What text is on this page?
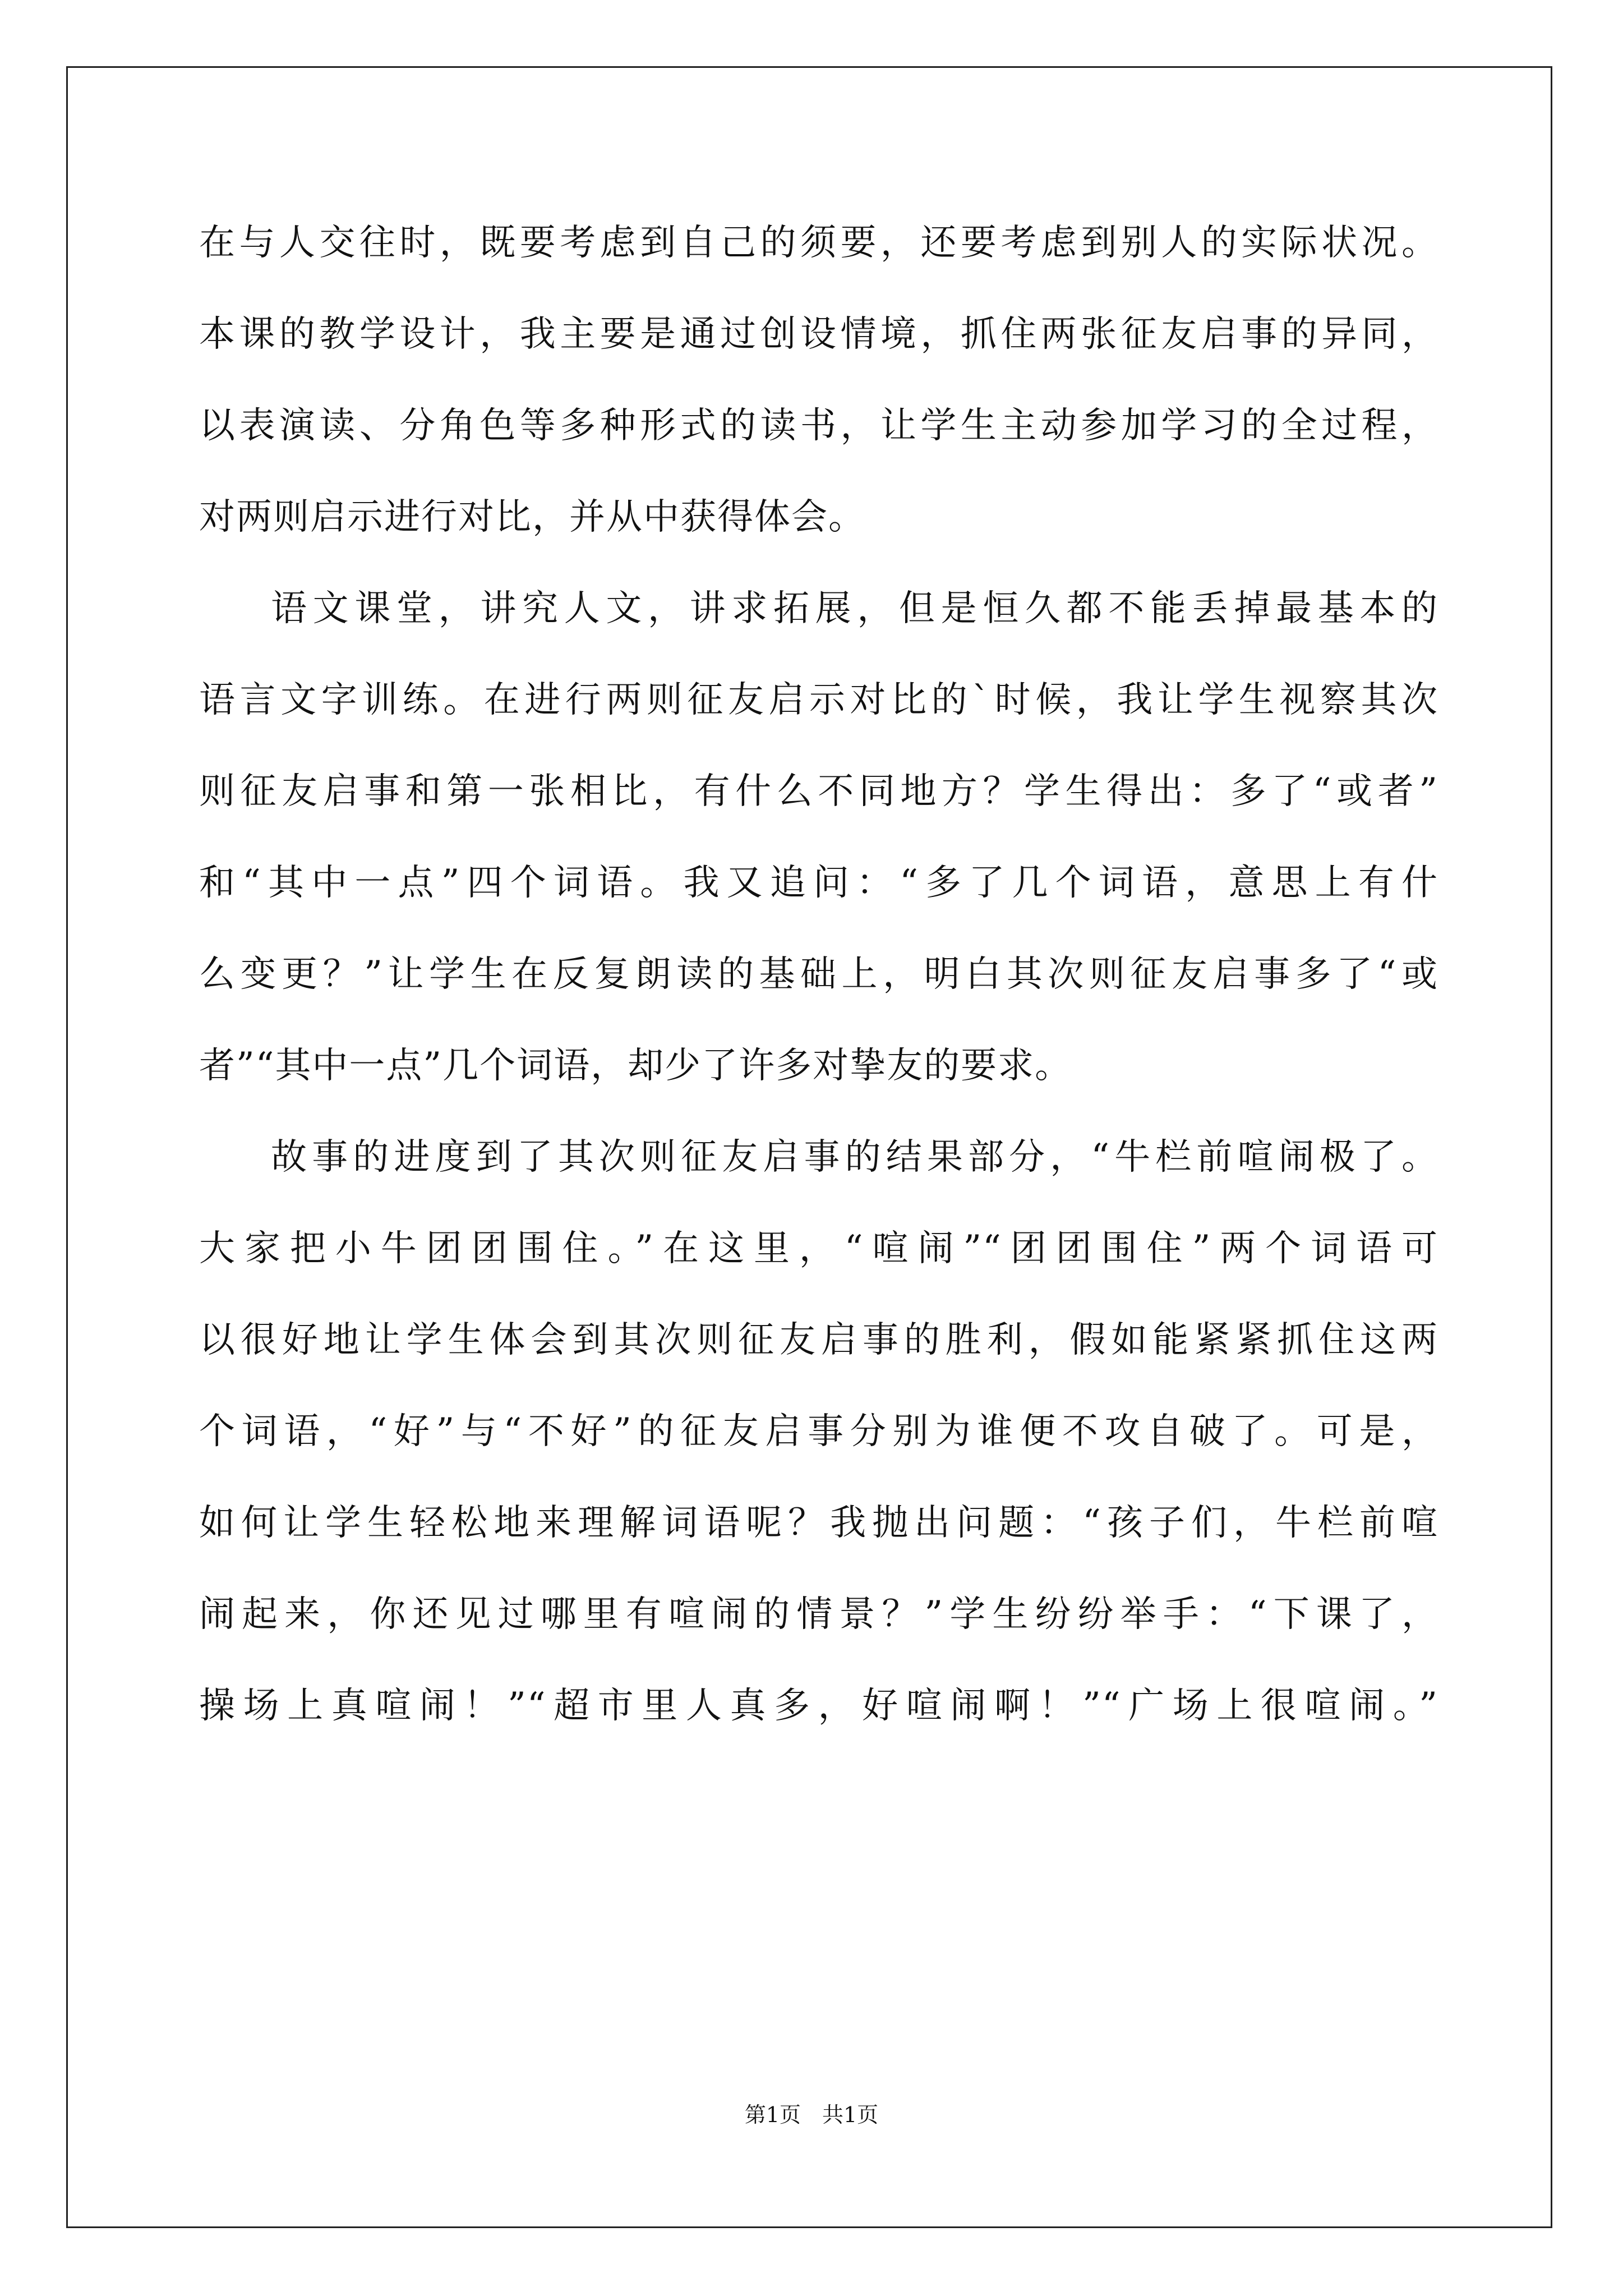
在与人交往时，既要考虑到自己的须要，还要考虑到别人的实际状况。
本课的教学设计，我主要是通过创设情境，抓住两张征友启事的异同，
以表演读、分角色等多种形式的读书，让学生主动参加学习的全过程，
对两则启示进行对比，并从中获得体会。
语文课堂，讲究人文，讲求拓展，但是恒久都不能丢掉最基本的
语言文字训练。在进行两则征友启示对比的`时候，我让学生视察其次
则征友启事和第一张相比，有什么不同地方？学生得出：多了“或者”
和“其中一点”四个词语。我又追问：“多了几个词语，意思上有什
么变更？”让学生在反复朗读的基础上，明白其次则征友启事多了“或
者”“其中一点”几个词语，却少了许多对挚友的要求。
故事的进度到了其次则征友启事的结果部分，“牛栏前喧闹极了。
大家把小牛团团围住。”在这里，“喧闹”“团团围住”两个词语可
以很好地让学生体会到其次则征友启事的胜利，假如能紧紧抓住这两
个词语，“好”与“不好”的征友启事分别为谁便不攻自破了。可是，
如何让学生轻松地来理解词语呢？我抛出问题：“孩子们，牛栏前喧
闹起来，你还见过哪里有喧闹的情景？”学生纷纷举手：“下课了，
操场上真喧闹！”“超市里人真多，好喧闹啊！”“广场上很喧闹。”
第1页　共1页
